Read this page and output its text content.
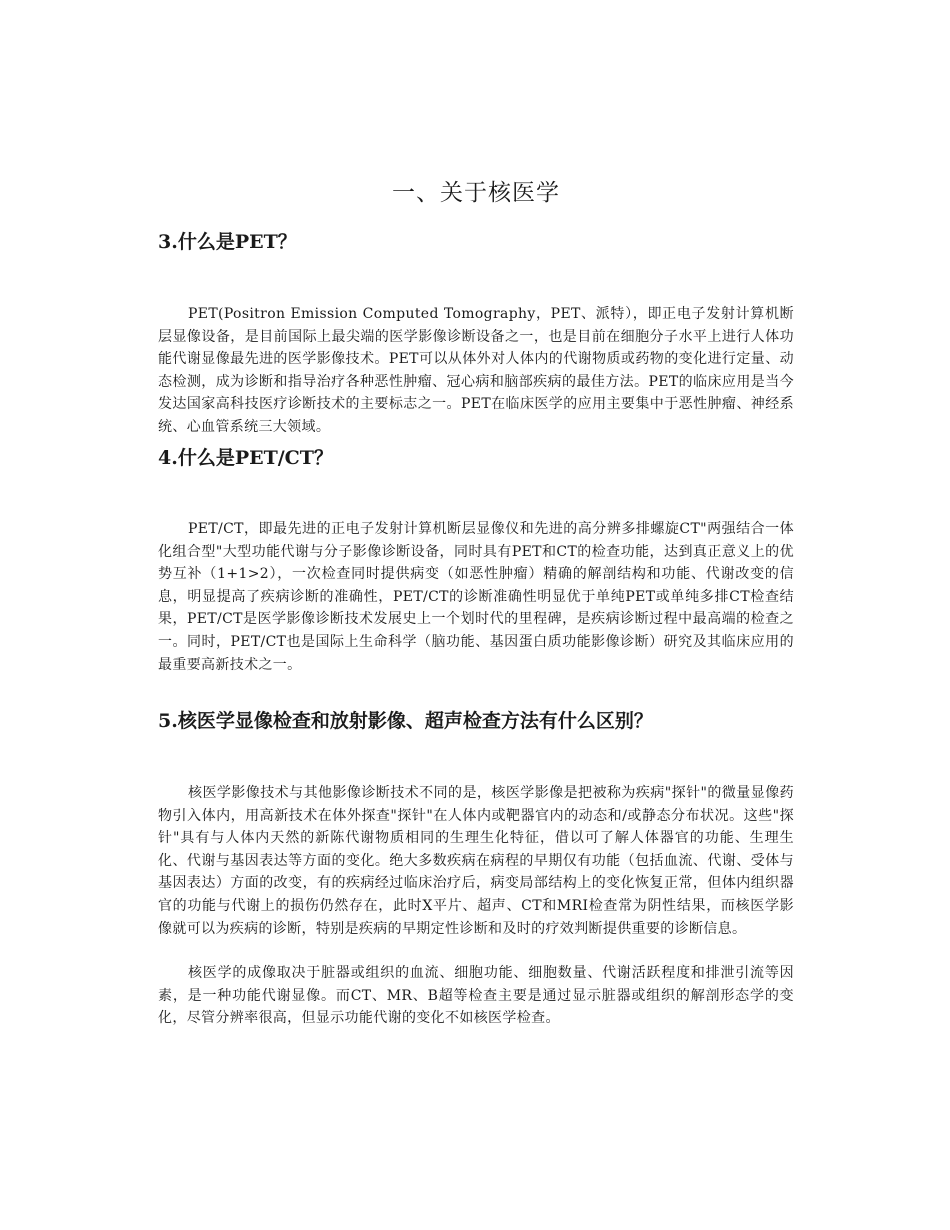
一、关于核医学
3.什么是PET？

PET(Positron Emission Computed Tomography，PET、派特），即正电子发射计算机断层显像设备，是目前国际上最尖端的医学影像诊断设备之一，也是目前在细胞分子水平上进行人体功能代谢显像最先进的医学影像技术。PET可以从体外对人体内的代谢物质或药物的变化进行定量、动态检测，成为诊断和指导治疗各种恶性肿瘤、冠心病和脑部疾病的最佳方法。PET的临床应用是当今发达国家高科技医疗诊断技术的主要标志之一。PET在临床医学的应用主要集中于恶性肿瘤、神经系统、心血管系统三大领域。

4.什么是PET/CT？

PET/CT，即最先进的正电子发射计算机断层显像仪和先进的高分辨多排螺旋CT"两强结合一体化组合型"大型功能代谢与分子影像诊断设备，同时具有PET和CT的检查功能，达到真正意义上的优势互补（1+1>2），一次检查同时提供病变（如恶性肿瘤）精确的解剖结构和功能、代谢改变的信息，明显提高了疾病诊断的准确性，PET/CT的诊断准确性明显优于单纯PET或单纯多排CT检查结果，PET/CT是医学影像诊断技术发展史上一个划时代的里程碑，是疾病诊断过程中最高端的检查之一。同时，PET/CT也是国际上生命科学（脑功能、基因蛋白质功能影像诊断）研究及其临床应用的最重要高新技术之一。

5.核医学显像检查和放射影像、超声检查方法有什么区别？

核医学影像技术与其他影像诊断技术不同的是，核医学影像是把被称为疾病"探针"的微量显像药物引入体内，用高新技术在体外探查"探针"在人体内或靶器官内的动态和/或静态分布状况。这些"探针"具有与人体内天然的新陈代谢物质相同的生理生化特征，借以可了解人体器官的功能、生理生化、代谢与基因表达等方面的变化。绝大多数疾病在病程的早期仅有功能（包括血流、代谢、受体与基因表达）方面的改变，有的疾病经过临床治疗后，病变局部结构上的变化恢复正常，但体内组织器官的功能与代谢上的损伤仍然存在，此时X平片、超声、CT和MRI检查常为阴性结果，而核医学影像就可以为疾病的诊断，特别是疾病的早期定性诊断和及时的疗效判断提供重要的诊断信息。

核医学的成像取决于脏器或组织的血流、细胞功能、细胞数量、代谢活跃程度和排泄引流等因素，是一种功能代谢显像。而CT、MR、B超等检查主要是通过显示脏器或组织的解剖形态学的变化，尽管分辨率很高，但显示功能代谢的变化不如核医学检查。
